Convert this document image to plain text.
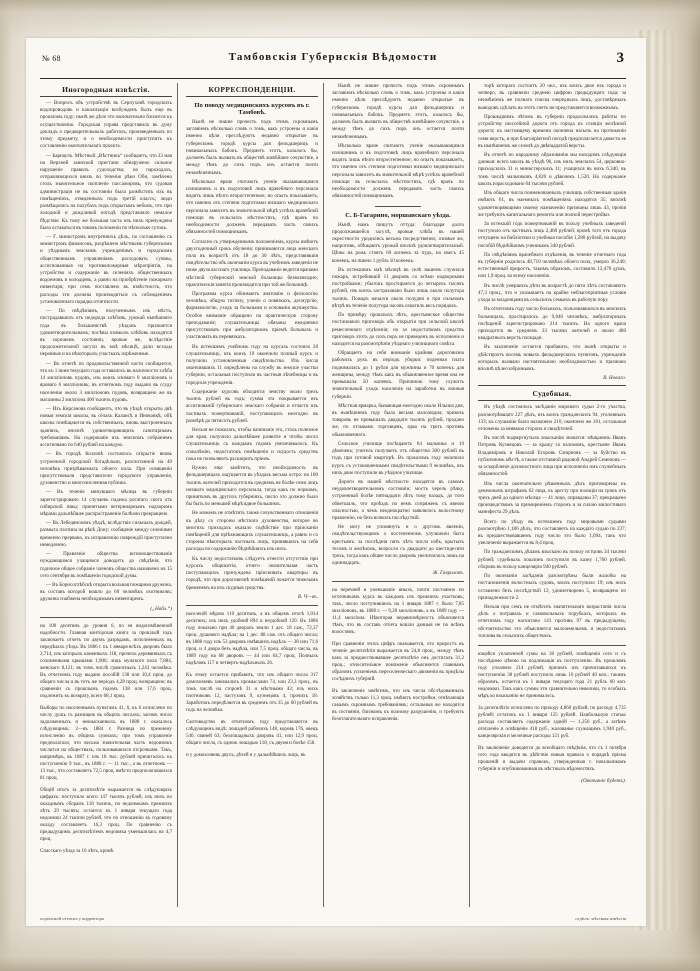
№ 68	Тамбовскія Губернскія Вѣдомости	3
Иногородныя извѣстія.

— Вопросъ объ устройствѣ въ Серпуховѣ городскихъ водопроводовъ и канализаціи возбужденъ былъ еще въ прошломъ году; нынѣ же дѣло это окончательно близится къ осуществленію. Городская управа представила въ думу докладъ о предварительныхъ работахъ, произведенныхъ по этому предмету, и о необходимости приступить къ составленію окончательнаго проекта.

— Барнаулъ. Мѣстный „Вѣстникъ“ сообщаетъ, что 23 мая на Верхней заимской пристани обнаружено сильное нарушеніе правилъ судоходства; на пароходахъ, отправляющихся внизъ по теченію рѣки Оби, замѣчено столь значительное скопленіе пассажировъ, что судовая администрація не въ состояніи была размѣстить ихъ въ помѣщеніяхъ, отведенныхъ подъ третій классъ; люди размѣщались на палубахъ подъ открытымъ небомъ, что при холодной и дождливой погодѣ представляло немалое бѣдствіе. Къ тому же большая часть изъ нихъ принуждена была оставаться въ такомъ положеніи по нѣсколько сутокъ.

— Г. министромъ внутреннихъ дѣлъ, по соглашенію съ министромъ финансовъ, разрѣшено мѣстнымъ губернскимъ и уѣзднымъ земскимъ учрежденіямъ и городскимъ общественнымъ управленіямъ расходовать суммы, ассигнованныя на противопожарныя мѣропріятія, на устройство и содержаніе въ селеніяхъ общественныхъ водоемовъ и колодцевъ, а равно на пріобрѣтеніе пожарнаго инвентаря; при семъ поставлено въ извѣстность, что расходы эти должны производиться съ соблюденіемъ установленнаго порядка отчетности.

— По свѣдѣніямъ, полученнымъ изъ мѣстъ, пострадавшихъ отъ недорода хлѣбовъ, урожай нынѣшняго года въ большинствѣ уѣздовъ признается удовлетворительнымъ; посѣвы озимыхъ хлѣбовъ находятся въ хорошемъ состояніи, яровые же, вслѣдствіе продолжительной засухи въ маѣ мѣсяцѣ, дали всходы неровные и на нѣкоторыхъ участкахъ изрѣженные.

— Въ отчетѣ по продовольственной части сообщается, что къ 1 іюня текущаго года оставалось въ наличности хлѣба 14 милліоновъ пудовъ, изъ коихъ озимаго 8 милліоновъ и яроваго 6 милліоновъ; въ отчетномъ году выдано въ ссуду населенію около 3 милліоновъ пудовъ, возвращено же въ магазины 2 милліона 400 тысячъ пудовъ.

— Изъ Кирсанова сообщаютъ, что въ уѣздѣ открыты двѣ новыя земскія школы, въ сёлахъ Калаисѣ и Иноковкѣ; обѣ школы помѣщаются въ собственныхъ, вновь выстроенныхъ зданіяхъ, вполнѣ удовлетворяющихъ санитарнымъ требованіямъ. На содержаніе ихъ земскимъ собраніемъ ассигновано по 640 рублей на каждую.

— Въ городѣ Козловѣ состоялось открытіе вновь устроенной городской богадѣльни, разсчитанной на 40 человѣкъ призрѣваемыхъ обоего пола. При освященіи присутствовали представители городского управленія, духовенство и многочисленная публика.

— Въ теченіе минувшаго мѣсяца въ губерніи зарегистрировано 14 случаевъ падежа рогатаго скота отъ сибирской язвы; принятыми ветеринарнымъ надзоромъ мѣрами дальнѣйшее распространеніе болѣзни прекращено.

— Въ Лебедянскомъ уѣздѣ, вслѣдствіе сильныхъ дождей, размыта плотина на рѣкѣ Дону; сообщеніе между селеніями временно прервано, къ исправленію повреждій приступлено немедленно.

— Правленіе общества вспомоществованія нуждающимся учащимся доводитъ до свѣдѣнія, что годичное общее собраніе членовъ общества назначено на 15 сего сентября въ помѣщеніи городской думы.

— Въ Борисоглѣбскѣ открыта вольная пожарная дружина, въ составъ которой вошло до 60 человѣкъ охотниковъ; дружина снабжена необходимымъ инвентаремъ.

(„Набл.“)

на 100 десятинъ до уровня 6, по ея видоизмѣненной надобности. Главная конторская книга за прошлый годъ заключаетъ отчетъ по двумъ разрядамъ, исполненныхъ въ передѣлахъ уѣзда. Въ 1886 г. къ 1 января всѣхъ дворовъ было 2,714, изъ которыхъ каменныхъ 118, прочихъ деревянныхъ съ соломенными крышами 1,906; лицъ мужского пола 7,884, женскаго 8,121; въ томъ числѣ грамотныхъ 1,243 человѣка. Въ отчетномъ году выдано пособій 138 или 10,4 проц. до общаго числа и въ тотъ же періодъ 4,28 проц. возвращено; въ сравненіи съ прошлымъ годомъ 138 или 17,6 проц. подлежитъ къ возврату, всего 68,1 проц.

Выборы по населеннымъ пунктамъ 41, 6, къ 6 исчислено по числу душъ съ разницею въ общихъ числахъ; засимъ число задолженныхъ и невзысканныхъ въ 1888 г. оказалось слѣдующимъ: 2—въ 1884 г. Разница по прежнему исчисленію въ общихъ суммахъ; при томъ управленіе предполагало, что весьма значительная часть недоимокъ числится на обществахъ, пользовавшихся отсрочками. Такъ, напримѣръ, въ 1887 г. изъ 18 тыс. рублей причиталось къ поступленію 9 тыс., въ 1888 г. — 11 тыс., а въ отчетномъ — 13 тыс., что составляетъ 72,5 проц. вмѣсто предполагавшихся 81 проц.

Общій итогъ за десятилѣтіе выражается въ слѣдующихъ цифрахъ: поступило всего 147 тысячъ рублей, изъ нихъ по окладнымъ сборамъ 118 тысячъ, по недоимкамъ прежнихъ лѣтъ 29 тысячъ; остается къ 1 января текущаго года недоимки 24 тысячи рублей, что по отношенію къ годовому окладу составляетъ 16,3 проц. По сравненію съ предыдущимъ десятилѣтіемъ недоимка уменьшилась на 4,7 проц.

Спасскаго уѣзда за 10 лѣтъ, кромѣ

КОРРЕСПОНДЕНЦІИ.
По поводу медицинскихъ курсовъ въ г. Тамбовѣ.

Нынѣ не лишне прочесть подъ этимъ скромнымъ заглавіемъ нѣсколько словъ о томъ, какъ устроены и какія именно цѣли преслѣдуютъ недавно открытые въ губернскомъ городѣ курсы для фельдшерицъ и повивальныхъ бабокъ. Предметъ этотъ, казалось бы, долженъ былъ вызвать въ обществѣ живѣйшее сочувствіе, а между тѣмъ до сихъ поръ онъ остается почти незамѣченнымъ.

Нѣсколько враче считаютъ ученіе оказывающимся излишнимъ и въ подготовкѣ лицъ врачебнаго персонала видятъ лишь нѣчто второстепенное; но опытъ показываетъ, что именно отъ степени подготовки низшаго медицинскаго персонала зависитъ въ значительной мѣрѣ успѣхъ врачебной помощи въ сельскихъ мѣстностяхъ, гдѣ врачъ по необходимости долженъ передавать часть своихъ обязанностей помощникамъ.

Согласно съ утвержденнымъ положеніемъ, курсы имѣютъ двухгодичный срокъ обученія; принимаются лица женскаго пола въ возрастѣ отъ 18 до 30 лѣтъ, представившія свидѣтельство объ окончаніи курса въ учебномъ заведеніи не ниже двухкласснаго училища. Преподаваніе ведется врачами мѣстной губернской земской больницы безвозмездно; практическія занятія производятся при той же больницѣ.

Программа курса обнимаетъ анатомію и физіологію человѣка, общую гигіену, ученіе о повязкахъ, десмургію, фармакологію, уходъ за больными и основанія акушерства. Особое вниманіе обращено на практическую сторону преподаванія; слушательницы обязаны ежедневно присутствовать при амбулаторномъ пріемѣ больныхъ и участвовать въ перевязкахъ.

Въ истекшемъ учебномъ году на курсахъ состояло 28 слушательницъ, изъ коихъ 19 окончили полный курсъ и получили установленныя свидѣтельства. Изъ числа окончившихъ 11 опредѣлены на службу въ земскіе участки губерніи, остальныя поступили въ частныя лѣчебницы и въ городскія учрежденія.

Содержаніе курсовъ обходится земству около трехъ тысячъ рублей въ годъ; сумма эта покрывается изъ ассигнованій губернскаго земскаго собранія и отчасти изъ частныхъ пожертвованій, поступающихъ ежегодно въ размѣрѣ до пятисотъ рублей.

Нельзя не пожелать, чтобы начинаніе это, столь полезное для края, получило дальнѣйшее развитіе и чтобы число слушательницъ съ каждымъ годомъ увеличивалось. Къ сожалѣнію, недостатокъ помѣщенія и скудость средствъ пока не позволяютъ расширить пріемъ.

Нужно еще замѣтить, что необходимость въ фельдшерицахъ ощущается въ уѣздахъ весьма остро: на 100 тысячъ жителей приходится въ среднемъ не болѣе семи лицъ низшаго медицинскаго персонала, тогда какъ по нормамъ, принятымъ въ другихъ губерніяхъ, число это должно было бы быть по меньшей мѣрѣ вдвое большимъ.

Не можемъ не отмѣтить также сочувственнаго отношенія къ дѣлу со стороны мѣстнаго духовенства, которое во многихъ приходахъ оказало содѣйствіе при пріисканіи помѣщеній для пріѣзжающихъ слушательницъ, а равно и со стороны нѣкоторыхъ частныхъ лицъ, принявшихъ на себя расходы по содержанію бѣднѣйшихъ изъ нихъ.

Къ числу недостатковъ слѣдуетъ отнести отсутствіе при курсахъ общежитія, отчего значительная часть поступающихъ принуждена пріискивать квартиры въ городѣ, что при дороговизнѣ помѣщеній ложится тяжелымъ бременемъ на ихъ скудныя средства.

В. Ч—въ.

населеній мѣрою 110 десятинъ, а въ общемъ итогѣ 1,014 десятинъ; изъ нихъ удобной 894 и неудобной 120. Въ 1886 году показано при 40 дворахъ земли 1 дес. 18 саж., 72,37 проц. душевого надѣла; на 1 дес. 88 саж. отъ общаго числа; въ 1888 году изъ 53 дворовъ имѣвшихъ надѣлъ — 38 или 71,6 проц. и 4 двора безъ надѣла, или 7,5 проц. общаго числа, въ 1889 году на 68 дворовъ — 44 или 64,7 проц. Полныхъ надѣловъ 117 и четверть-надѣльныхъ 26.

Къ этому остается прибавить, что изъ общаго числа 317 домохозяевъ занимались промыслами 74, или 23,3 проц., въ томъ числѣ на сторонѣ 31 и мѣстными 43; изъ нихъ плотниковъ 12, пастуховъ 9, кузнецовъ 4, прочихъ 18. Заработокъ опредѣляется въ среднемъ отъ 35 до 60 рублей въ годъ на человѣка.

Скотоводство въ отчетномъ году представляется въ слѣдующемъ видѣ: лошадей рабочихъ 148, коровъ 176, овецъ 540, свиней 63; безлошадныхъ дворовъ 41, или 12,9 проц. общаго числа, съ одною лошадью 118, съ двумя и болѣе 158.

и у домохозяевъ двухъ, дѣтей и у дальнѣйшихъ лицъ, въ

Нынѣ не лишне прочесть подъ этимъ скромнымъ заглавіемъ нѣсколько словъ о томъ, какъ устроены и какія именно цѣли преслѣдуютъ недавно открытые въ губернскомъ городѣ курсы для фельдшерицъ и повивальныхъ бабокъ. Предметъ этотъ, казалось бы, долженъ былъ вызвать въ обществѣ живѣйшее сочувствіе, а между тѣмъ до сихъ поръ онъ остается почти незамѣченнымъ.

Нѣсколько враче считаютъ ученіе оказывающимся излишнимъ и въ подготовкѣ лицъ врачебнаго персонала видятъ лишь нѣчто второстепенное; но опытъ показываетъ, что именно отъ степени подготовки низшаго медицинскаго персонала зависитъ въ значительной мѣрѣ успѣхъ врачебной помощи въ сельскихъ мѣстностяхъ, гдѣ врачъ по необходимости долженъ передавать часть своихъ обязанностей помощникамъ.

С. Б-Гагарино, моршанскаго уѣзда.

Нынѣ намъ пишутъ оттуда: благодаря долго продолжавшейся засухѣ, яровые хлѣба въ нашей окрестности уродились весьма посредственно; озимые же, напротивъ, обѣщаютъ урожай вполнѣ удовлетворительный. Цѣны на рожь стоятъ 60 копеекъ за пудъ, на овесъ 45 копеекъ, на пшено 1 рубль 10 копеекъ.

Въ истекшемъ маѣ мѣсяцѣ въ селѣ нашемъ случился пожаръ, истребившій 11 дворовъ со всѣми надворными постройками; убытокъ простирается до четырехъ тысячъ рублей, изъ коихъ застраховано было лишь около полутора тысячъ. Пожаръ начался около полудня и при сильномъ вѣтрѣ въ теченіе полутора часовъ охватилъ весь порядокъ.

По примѣру прошлыхъ лѣтъ, крестьянское общество постановило приговоръ объ открытіи при сельской школѣ ремесленнаго отдѣленія; но за недостаткомъ средствъ приговоръ этотъ до сихъ поръ не приведенъ въ исполненіе и находится на разсмотрѣніи уѣзднаго училищнаго совѣта.

Обращаетъ на себя вниманіе крайняя дороговизна рабочихъ рукъ въ періодъ уборки: поденная плата поднималась до 1 рубля для мужчины и 70 копеекъ для женщины, между тѣмъ какъ въ обыкновенное время она не превышала 50 копеекъ. Причиною тому служитъ значительный уходъ населенія на заработки въ южныя губерніи.

Мѣстная ярмарка, бывающая ежегодно около Ильина дня, въ нынѣшнемъ году была весьма малолюдна; привозъ товаровъ не превышалъ двадцати тысячъ рублей, продано же, по отзывамъ торговцевъ, едва на треть противъ обыкновеннаго.

Сельское училище посѣщаютъ 64 мальчика и 19 дѣвочекъ; учитель получаетъ отъ общества 300 рублей въ годъ при готовой квартирѣ. Въ прошломъ году окончило курсъ съ установленными свидѣтельствами 9 человѣкъ, изъ нихъ двое поступили въ уѣздное училище.

Дороги въ нашей мѣстности находятся въ самомъ неудовлетворительномъ состояніи; мостъ черезъ рѣчку, устроенный болѣе пятнадцати лѣтъ тому назадъ, до того обветшалъ, что проѣздъ по немъ сопряженъ съ явною опасностью, о чемъ неоднократно заявлялось волостному правленію, но безъ всякихъ послѣдствій.

Не могу не упомянуть и о другомъ явленіи, свидѣтельствующемъ о постепенномъ улучшеніи быта крестьянъ: за послѣднія пять лѣтъ число избъ, крытыхъ тесомъ и желѣзомъ, возросло съ двадцати до шестидесяти трехъ, тогда какъ общее число дворовъ увеличилось лишь на одиннадцать.

Ж. Гавриловъ.

на перечней и уменьшеніе иныхъ, почти постоянно по источникамъ курса въ каждомъ изъ прежнихъ участковъ; такъ, число поступившихъ на 1 января 1887 г. было 7,85 милліоновъ, въ 1888 г. — 9,28 милліоновъ, а въ 1889 году — 11,4 милліона. Нѣкоторая неравномѣрность объясняется тѣмъ, что въ составъ отчета вошли данныя не по всѣмъ волостямъ.

При сравненіи этихъ цифръ оказывается, что приростъ въ теченіе десятилѣтія выражается въ 24,8 проц., между тѣмъ какъ за предшествовавшее десятилѣтіе онъ достигалъ 31,2 проц.; относительное пониженіе объясняется главнымъ образомъ усиленіемъ переселенческаго движенія въ предѣлы сосѣднихъ губерній.

Въ заключеніе замѣтимъ, что изъ числа обслѣдованныхъ хозяйствъ только 11,3 проц. имѣютъ постройки, отвѣчающія самымъ скромнымъ требованіямъ; остальныя же находятся въ состояніи, близкомъ къ полному разрушенію, и требуютъ безотлагательнаго исправленія.

торѣ котораго состоитъ 20 чел., изъ коихъ двое изъ города и четверо, въ сравненіи среднею цифрою предыдущаго года; за неимѣніемъ же полнаго списка очередныхъ лицъ, достовѣрныхъ выводовъ сдѣлать на этотъ счетъ не представляется возможнымъ.

Прошедшимъ лѣтомъ въ губерніи продолжались работы по устройству шоссейной дороги отъ города къ станціи желѣзной дороги; къ настоящему времени окончена насыпь на протяженіи семи верстъ, и при благопріятной погодѣ предполагается довести ее въ нынѣшнемъ же сезонѣ до двѣнадцатой версты.

Въ отчетѣ по народному образованію мы находимъ слѣдующія данныя: всего школъ въ уѣздѣ 96, изъ нихъ земскихъ 54, церковно-приходскихъ 31 и министерскихъ 11; учащихся въ нихъ 6,340, въ томъ числѣ мальчиковъ 4,820 и дѣвочекъ 1,520. На содержаніе школъ израсходовано 64 тысячи рублей.

Изъ общаго числа поименованныхъ училищъ собственныя зданія имѣютъ 61, въ наемныхъ помѣщеніяхъ находятся 35; вполнѣ удовлетворяющими своему назначенію признаны лишь 43, прочія же требуютъ капитальнаго ремонта или полной перестройки.

За истекшій годъ пожертвованій въ пользу учебныхъ заведеній поступило отъ частныхъ лицъ 2,460 рублей; кромѣ того отъ города отпущено на библіотеки и учебныя пособія 1,280 рублей, на выдачу пособій бѣднѣйшимъ ученикамъ 340 рублей.

По свѣдѣніямъ врачебнаго отдѣленія, въ теченіе отчетнаго года въ губерніи родилось 48,710 человѣкъ обоего пола, умерло 36,240; естественный приростъ, такимъ образомъ, составилъ 12,470 душъ, или 1,9 проц. ко всему населенію.

Въ числѣ умершихъ дѣти въ возрастѣ до пяти лѣтъ составляютъ 47,3 проц., что и указываетъ на крайне неблагопріятныя условія ухода за младенцами въ сельскихъ семьяхъ въ рабочую пору.

Въ отчетномъ году число больныхъ, пользовавшихся въ земскихъ больницахъ, простиралось до 9,840 человѣкъ; амбулаторныхъ посѣщеній зарегистрировано 214 тысячъ. На одного врача приходится въ среднемъ 23 тысячи жителей и около 480 квадратныхъ верстъ площади.

Въ заключеніе остается прибавить, что нынѣ открыты и дѣйствуютъ восемь новыхъ фельдшерскихъ пунктовъ, учрежденіе которыхъ вызвано настоятельною необходимостью и признано вполнѣ цѣлесообразнымъ.

В. Новаго.
Судебныя.

Въ уѣздѣ состоялось засѣданіе мирового судьи 2-го участка, разсмотрѣвшаго 227 дѣлъ, изъ коихъ гражданскихъ 94, уголовныхъ 133; къ слушанію было назначено 210, окончено же 181, остальныя отложены за неявкою сторонъ и свидѣтелей.

Въ числѣ подвергнутыхъ взысканію значатся: мѣщанинъ Иванъ Петровъ Кузнецовъ — за кражу со взломомъ, крестьяне Иванъ Владиміровъ и Николай Егоровъ Смирновъ — за буйство въ публичномъ мѣстѣ, а также отставной рядовой Андрей Семеновъ — за оскорбленіе должностного лица при исполненіи имъ служебныхъ обязанностей.

Изъ числа окончательно рѣшенныхъ дѣлъ приговорены къ денежнымъ штрафамъ 62 лица, къ аресту при полиціи на срокъ отъ трехъ дней до одного мѣсяца — 41 лицо, оправданы 37; прекращено производствомъ за примиреніемъ сторонъ и за силою милостиваго манифеста 29 дѣлъ.

Всего по уѣзду въ истекшемъ году мировыми судьями разсмотрѣно 1,186 дѣлъ, что составляетъ на каждаго судью по 237; въ предшествовавшемъ году число это было 1,094, такъ что увеличеніе выражается въ 8,4 проц.

По гражданскимъ дѣламъ взыскано въ пользу истцовъ 34 тысячи рублей; судебныхъ пошлинъ поступило въ казну 1,760 рублей, сборовъ въ пользу канцеляріи 940 рублей.

По окончаніи засѣданія разсмотрѣны были жалобы на постановленія волостныхъ судовъ, коихъ поступило 19; изъ нихъ оставлено безъ послѣдствій 12, удовлетворено 5, возвращено по принадлежности 2.

Нельзя при семъ не отмѣтить значительнаго возрастанія числа дѣлъ о потравахъ и самовольныхъ порубкахъ, которыхъ въ отчетномъ году насчитано 143 противъ 97 въ предыдущемъ; обстоятельство это объясняется малоземельемъ и недостаткомъ топлива въ сельскихъ обществахъ.

ющейся уплаченной сумы на 38 рублей, помѣщенія сего и съ послѣднею цѣною на подлежащія къ поступленію. Въ прошломъ году уплачено 214 рублей, причемъ изъ причитавшихся къ поступленію 38 рублей поступило лишь 16 рублей 40 коп.; такимъ образомъ, остается къ 1 января текущаго года 21 рубль 60 коп. недоимки. Такъ какъ суммы эти сравнительно невелики, то особыхъ мѣръ ко взысканію не принималось.

За десятилѣтіе исчислено по приходу 4,860 рублей, по расходу 4,735 рублей; остатокъ къ 1 января 125 рублей. Наибольшую статью расхода составляетъ содержаніе зданій — 1,256 руб., а затѣмъ отопленіе и освѣщеніе 418 руб., жалованье служащимъ 1,940 руб., канцелярскія и мелочные расходы 121 руб.

Въ заключеніе доводится до всеобщаго свѣдѣнія, что съ 1 октября сего года вводятся въ дѣйствіе новыя правила о порядкѣ пріема прошеній и выдачи справокъ, утвержденныя г. начальникомъ губерніи и опубликованныя въ мѣстныхъ вѣдомостяхъ.

(Окончаніе будетъ).
подписной оттискъ у корректора	отдѣлъ: мѣстныя извѣстія
